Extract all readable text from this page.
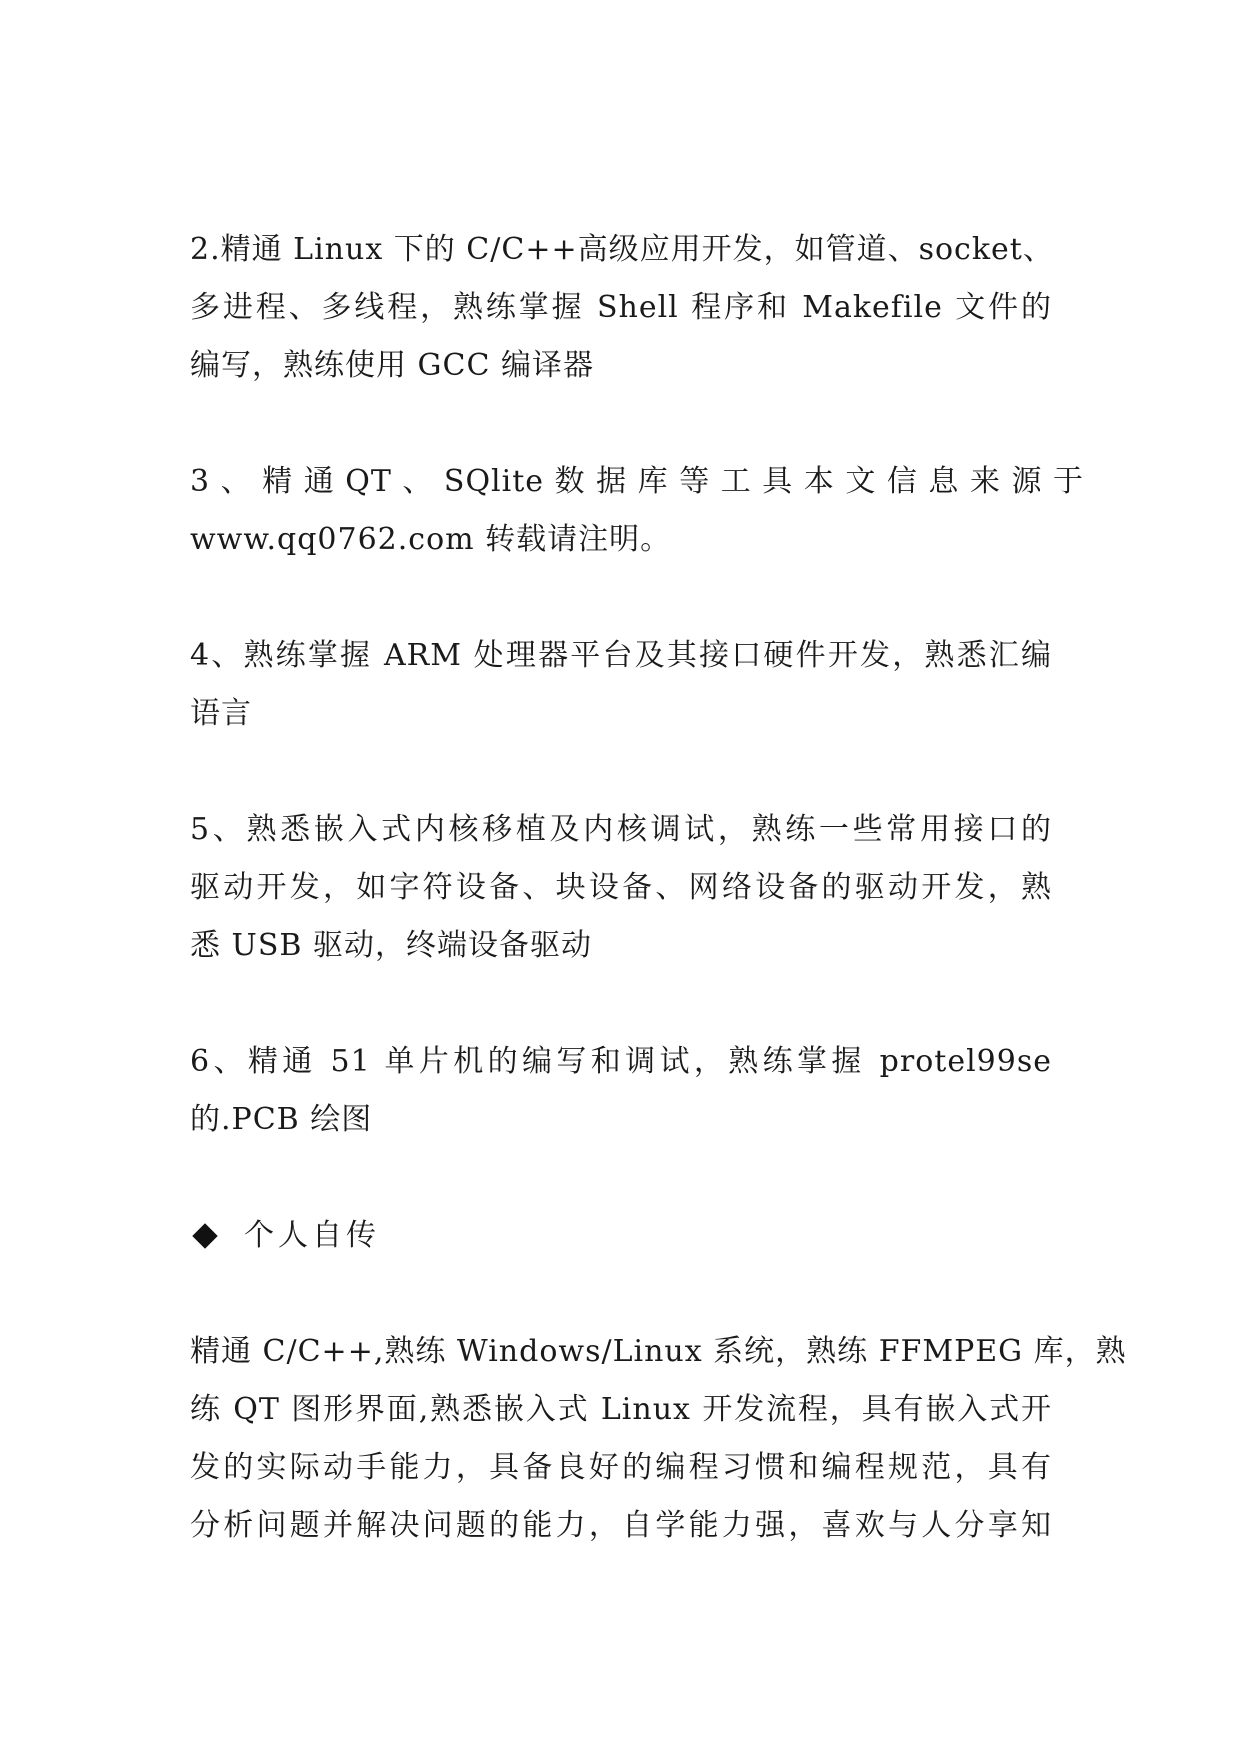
2.精通 Linux 下的 C/C++高级应用开发，如管道、socket、
多进程、多线程，熟练掌握 Shell 程序和 Makefile 文件的
编写，熟练使用 GCC 编译器
3 、 精 通 QT 、 SQlite 数 据 库 等 工 具 本 文 信 息 来 源 于
www.qq0762.com 转载请注明。
4、熟练掌握 ARM 处理器平台及其接口硬件开发，熟悉汇编
语言
5、熟悉嵌入式内核移植及内核调试，熟练一些常用接口的
驱动开发，如字符设备、块设备、网络设备的驱动开发，熟
悉 USB 驱动，终端设备驱动
6、精通 51 单片机的编写和调试，熟练掌握 protel99se
的.PCB 绘图
个人自传
精通 C/C++,熟练 Windows/Linux 系统，熟练 FFMPEG 库，熟
练 QT 图形界面,熟悉嵌入式 Linux 开发流程，具有嵌入式开
发的实际动手能力，具备良好的编程习惯和编程规范，具有
分析问题并解决问题的能力，自学能力强，喜欢与人分享知
